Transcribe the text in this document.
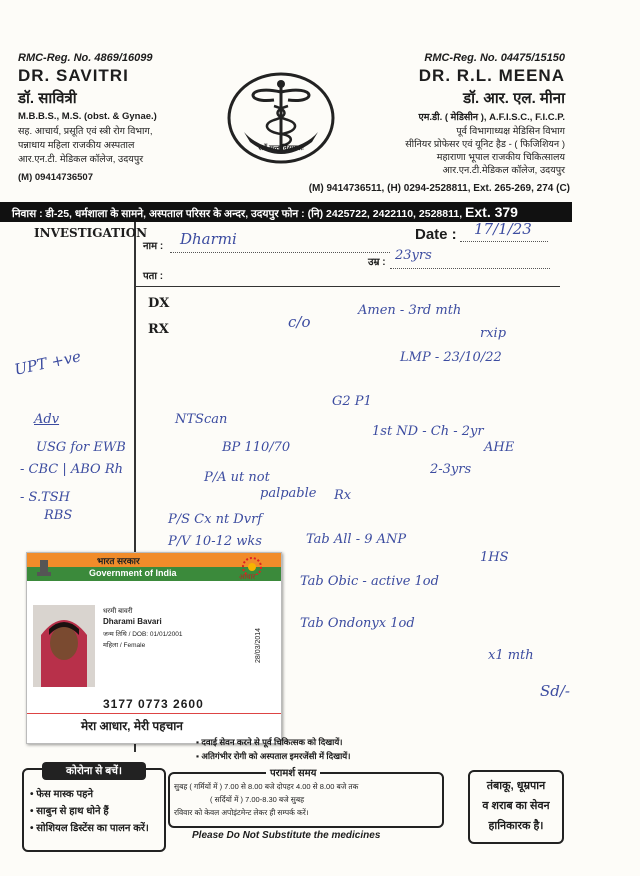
RMC-Reg. No. 4869/16099
DR. SAVITRI
डॉ. सावित्री
M.B.B.S., M.S. (obst. & Gynae.)
सह. आचार्य, प्रसूति एवं स्त्री रोग विभाग,
पन्नाधाय महिला राजकीय अस्पताल
आर.एन.टी. मेडिकल कॉलेज, उदयपुर
(M) 09414736507
सर्वे सन्तु निरामयाः
RMC-Reg. No. 04475/15150
DR. R.L. MEENA
डॉ. आर. एल. मीना
एम.डी. ( मेडिसीन ), A.F.I.S.C., F.I.C.P.
पूर्व विभागाध्यक्ष मेडिसिन विभाग
सीनियर प्रोफेसर एवं यूनिट हैड - ( फिजिशियन )
महाराणा भूपाल राजकीय चिकित्सालय
आर.एन.टी.मेडिकल कॉलेज, उदयपुर
(M) 9414736511, (H) 0294-2528811, Ext. 265-269, 274 (C)
निवास : डी-25, धर्मशाला के सामने, अस्पताल परिसर के अन्दर, उदयपुर फोन : (नि) 2425722, 2422110, 2528811, Ext. 379
INVESTIGATION
नाम : Dharmi	Date : 17/1/23
उम्र : 23yrs
पता :
DX
RX	c/o
Amen - 3rd mth
rxip
LMP - 23/10/22
UPT +ve
G2 P1
Adv
USG for EWB
NTScan
- CBC | ABO Rh
- S.TSH
RBS
BP 110/70
P/A ut not
palpable
1st ND - Ch - 2yr
AHE
2-3yrs
P/S Cx nt Dvrf
P/V 10-12 wks
Rx
Tab All - 9 ANP
1HS
Tab Obic - active 1od
Tab Ondonyx 1od
x1 mth
Sd/-
भारत सरकार
Government of India	आधार
धरमी बावरी
Dharami Bavari
जन्म तिथि / DOB: 01/01/2001
महिला / Female	28/03/2014
3177 0773 2600
मेरा आधार, मेरी पहचान
▪ दवाई सेवन करने से पूर्व चिकित्सक को दिखायें।
▪ अतिगंभीर रोगी को अस्पताल इमरजेंसी में दिखायें।
कोरोना से बचें।
• फेस मास्क पहने
• साबुन से हाथ धोने हैं
• सोशियल डिस्टेंस का पालन करें।
परामर्श समय
सुबह ( गर्मियों में ) 7.00 से 8.00 बजे दोपहर 4.00 से 8.00 बजे तक
( सर्दियों में ) 7.00-8.30 बजे सुबह
रविवार को केवल अपोइंटमेन्ट लेकर ही सम्पर्क करें।
Please Do Not Substitute the medicines
तंबाकू, धूम्रपान
व शराब का सेवन
हानिकारक है।
